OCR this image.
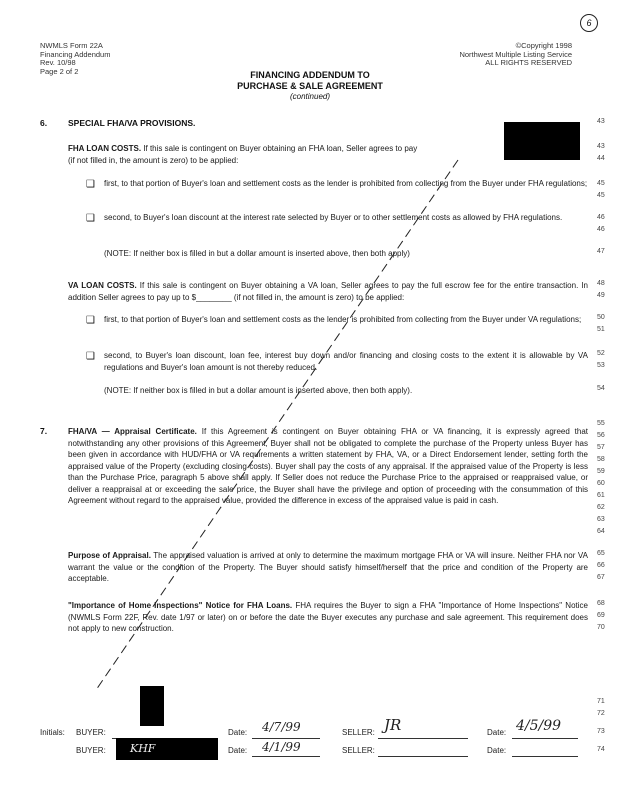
6
NWMLS Form 22A
Financing Addendum
Rev. 10/98
Page 2 of 2
©Copyright 1998
Northwest Multiple Listing Service
ALL RIGHTS RESERVED
FINANCING ADDENDUM TO
PURCHASE & SALE AGREEMENT
(continued)
6. SPECIAL FHA/VA PROVISIONS.
FHA LOAN COSTS. If this sale is contingent on Buyer obtaining an FHA loan, Seller agrees to pay
(if not filled in, the amount is zero) to be applied:
❑ first, to that portion of Buyer's loan and settlement costs as the lender is prohibited from collecting from the Buyer under FHA regulations;
❑ second, to Buyer's loan discount at the interest rate selected by Buyer or to other settlement costs as allowed by FHA regulations.
(NOTE: If neither box is filled in but a dollar amount is inserted above, then both apply)
VA LOAN COSTS. If this sale is contingent on Buyer obtaining a VA loan, Seller agrees to pay the full escrow fee for the entire transaction. In addition Seller agrees to pay up to $________ (if not filled in, the amount is zero) to be applied:
❑ first, to that portion of Buyer's loan and settlement costs as the lender is prohibited from collecting from the Buyer under VA regulations;
❑ second, to Buyer's loan discount, loan fee, interest buy down and/or financing and closing costs to the extent it is allowable by VA regulations and Buyer's loan amount is not thereby reduced.
(NOTE: If neither box is filled in but a dollar amount is inserted above, then both apply).
7.	FHA/VA — Appraisal Certificate. If this Agreement is contingent on Buyer obtaining FHA or VA financing, it is expressly agreed that notwithstanding any other provisions of this Agreement, Buyer shall not be obligated to complete the purchase of the Property unless Buyer has been given in accordance with HUD/FHA or VA requirements a written statement by FHA, VA, or a Direct Endorsement lender, setting forth the appraised value of the Property (excluding closing costs). Buyer shall pay the costs of any appraisal. If the appraised value of the Property is less than the Purchase Price, paragraph 5 above shall apply. If Seller does not reduce the Purchase Price to the appraised or reappraised value, or deliver a reappraisal at or exceeding the sale price, the Buyer shall have the privilege and option of proceeding with the consummation of this Agreement without regard to the appraised value, provided the difference in excess of the appraised value is paid in cash.
Purpose of Appraisal. The appraised valuation is arrived at only to determine the maximum mortgage FHA or VA will insure. Neither FHA nor VA warrant the value or the condition of the Property. The Buyer should satisfy himself/herself that the price and condition of the Property are acceptable.
"Importance of Home Inspections" Notice for FHA Loans. FHA requires the Buyer to sign a FHA "Importance of Home Inspections" Notice (NWMLS Form 22F, Rev. date 1/97 or later) on or before the date the Buyer executes any purchase and sale agreement. This requirement does not apply to new construction.
43
43
44
45
45
46
46
47
48
49
50
51
52
53
54
55
56
57
58
59
60
61
62
63
64
65
66
67
68
69
70
71
72
73
74
Initials: BUYER:	Date: 4/7/99	SELLER: JR	Date: 4/5/99
BUYER: KHF	Date: 4/1/99	SELLER:	Date:
